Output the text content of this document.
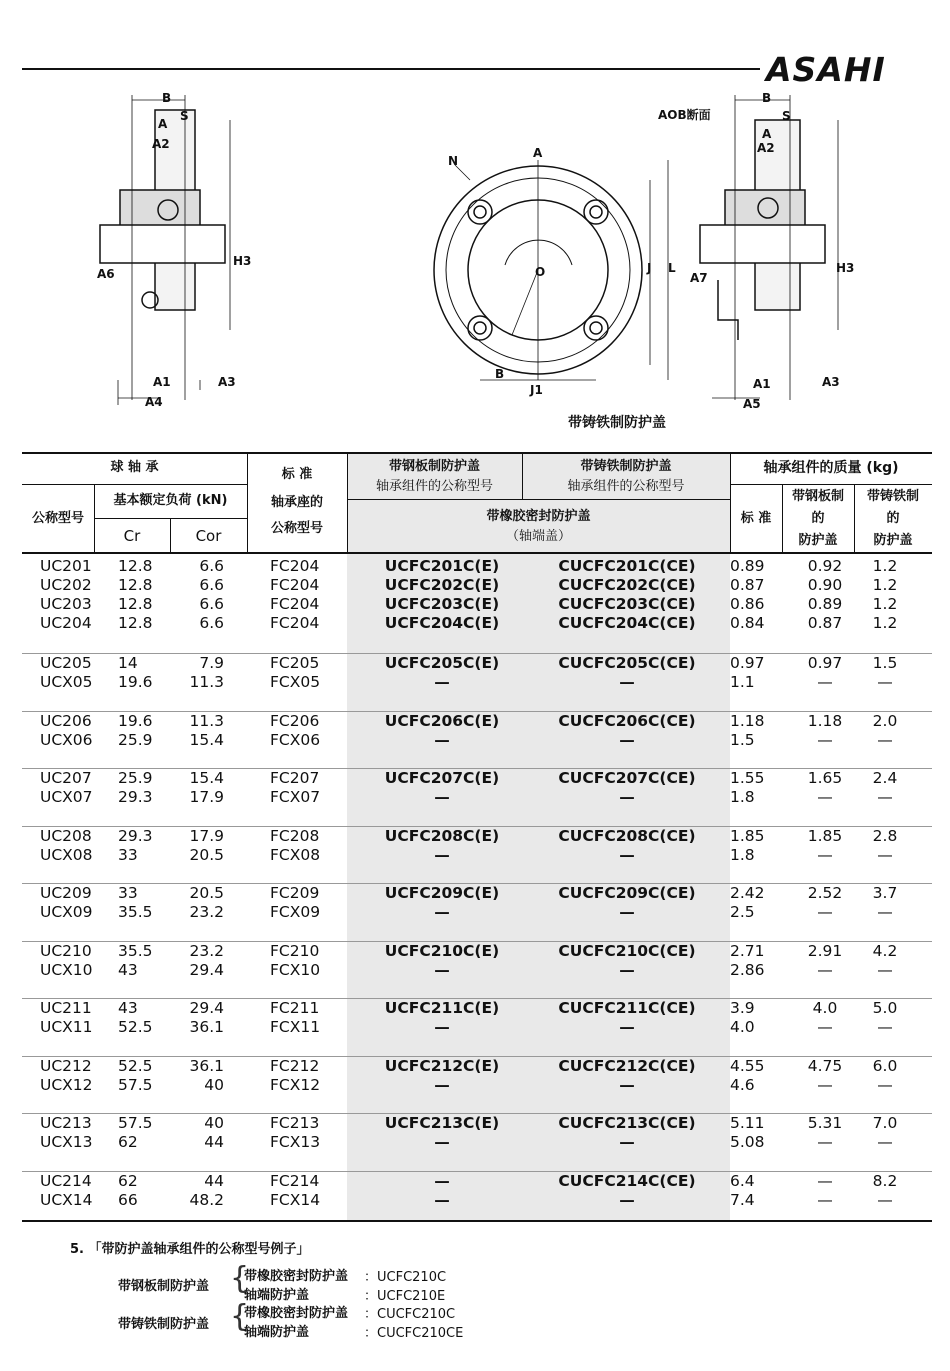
ASAHI
B
S
A
A2
H3
A6
A1	A3
A4
N
A
O
B
J L
J1
B
S
A
A2
H3
A7
A1	A3
A5
AOB断面
带铸铁制防护盖
球 轴 承
公称型号
基本额定负荷 (kN)
Cr	Cor
标 准
轴承座的
公称型号
带钢板制防护盖
轴承组件的公称型号
带铸铁制防护盖
轴承组件的公称型号
带橡胶密封防护盖
（轴端盖）
轴承组件的质量 (kg)
标 准
带钢板制
的
防护盖
带铸铁制
的
防护盖
UC201 12.8	6.6	FC204	UCFC201C(E)	CUCFC201C(CE)	0.89	0.92	1.2
UC202 12.8	6.6	FC204	UCFC202C(E)	CUCFC202C(CE)	0.87	0.90	1.2
UC203 12.8	6.6	FC204	UCFC203C(E)	CUCFC203C(CE)	0.86	0.89	1.2
UC204 12.8	6.6	FC204	UCFC204C(E)	CUCFC204C(CE)	0.84	0.87	1.2
UC205 14	7.9	FC205	UCFC205C(E)	CUCFC205C(CE)	0.97	0.97	1.5
UCX05 19.6	11.3	FCX05	—	—	1.1	—	—
UC206 19.6	11.3	FC206	UCFC206C(E)	CUCFC206C(CE)	1.18	1.18	2.0
UCX06 25.9	15.4	FCX06	—	—	1.5	—	—
UC207 25.9	15.4	FC207	UCFC207C(E)	CUCFC207C(CE)	1.55	1.65	2.4
UCX07 29.3	17.9	FCX07	—	—	1.8	—	—
UC208 29.3	17.9	FC208	UCFC208C(E)	CUCFC208C(CE)	1.85	1.85	2.8
UCX08 33	20.5	FCX08	—	—	1.8	—	—
UC209 33	20.5	FC209	UCFC209C(E)	CUCFC209C(CE)	2.42	2.52	3.7
UCX09 35.5	23.2	FCX09	—	—	2.5	—	—
UC210 35.5	23.2	FC210	UCFC210C(E)	CUCFC210C(CE)	2.71	2.91	4.2
UCX10 43	29.4	FCX10	—	—	2.86	—	—
UC211 43	29.4	FC211	UCFC211C(E)	CUCFC211C(CE)	3.9	4.0	5.0
UCX11 52.5	36.1	FCX11	—	—	4.0	—	—
UC212 52.5	36.1	FC212	UCFC212C(E)	CUCFC212C(CE)	4.55	4.75	6.0
UCX12 57.5	40	FCX12	—	—	4.6	—	—
UC213 57.5	40	FC213	UCFC213C(E)	CUCFC213C(CE)	5.11	5.31	7.0
UCX13 62	44	FCX13	—	—	5.08	—	—
UC214 62	44	FC214	—	CUCFC214C(CE)	6.4	—	8.2
UCX14 66	48.2	FCX14	—	—	7.4	—	—
5. 「带防护盖轴承组件的公称型号例子」
带钢板制防护盖 {
带橡胶密封防护盖
轴端防护盖
：UCFC210C
：UCFC210E
带铸铁制防护盖 {
带橡胶密封防护盖
轴端防护盖
：CUCFC210C
：CUCFC210CE
